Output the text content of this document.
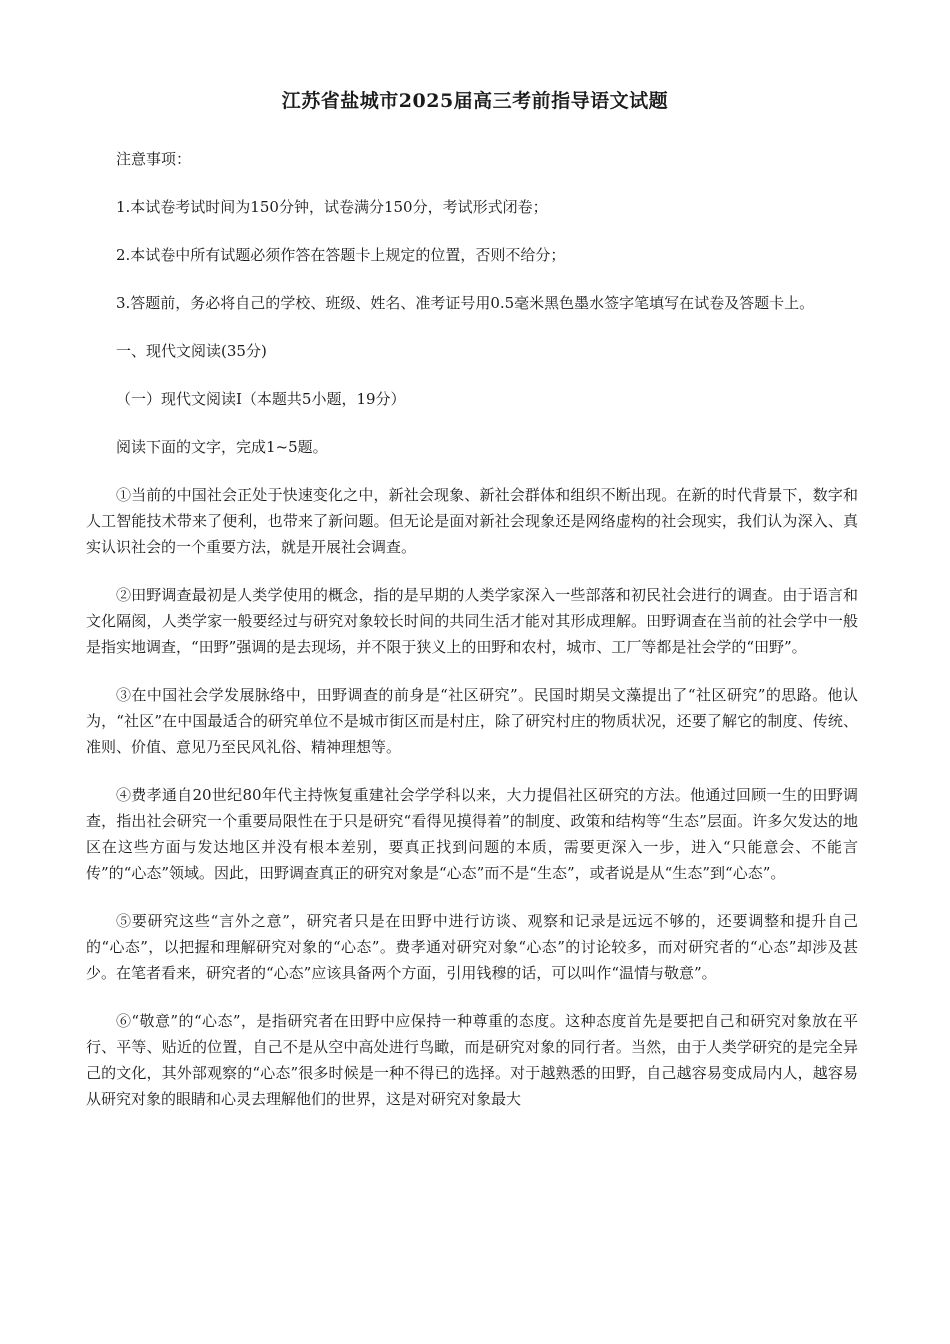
江苏省盐城市2025届高三考前指导语文试题

注意事项：

1.本试卷考试时间为150分钟，试卷满分150分，考试形式闭卷；

2.本试卷中所有试题必须作答在答题卡上规定的位置，否则不给分；

3.答题前，务必将自己的学校、班级、姓名、准考证号用0.5毫米黑色墨水签字笔填写在试卷及答题卡上。

一、现代文阅读(35分)

（一）现代文阅读Ⅰ（本题共5小题，19分）

阅读下面的文字，完成1~5题。

①当前的中国社会正处于快速变化之中，新社会现象、新社会群体和组织不断出现。在新的时代背景下，数字和人工智能技术带来了便利，也带来了新问题。但无论是面对新社会现象还是网络虚构的社会现实，我们认为深入、真实认识社会的一个重要方法，就是开展社会调查。

②田野调查最初是人类学使用的概念，指的是早期的人类学家深入一些部落和初民社会进行的调查。由于语言和文化隔阂，人类学家一般要经过与研究对象较长时间的共同生活才能对其形成理解。田野调查在当前的社会学中一般是指实地调查，“田野”强调的是去现场，并不限于狭义上的田野和农村，城市、工厂等都是社会学的“田野”。

③在中国社会学发展脉络中，田野调查的前身是“社区研究”。民国时期吴文藻提出了“社区研究”的思路。他认为，“社区”在中国最适合的研究单位不是城市街区而是村庄，除了研究村庄的物质状况，还要了解它的制度、传统、准则、价值、意见乃至民风礼俗、精神理想等。

④费孝通自20世纪80年代主持恢复重建社会学学科以来，大力提倡社区研究的方法。他通过回顾一生的田野调查，指出社会研究一个重要局限性在于只是研究“看得见摸得着”的制度、政策和结构等“生态”层面。许多欠发达的地区在这些方面与发达地区并没有根本差别，要真正找到问题的本质，需要更深入一步，进入“只能意会、不能言传”的“心态”领域。因此，田野调查真正的研究对象是“心态”而不是“生态”，或者说是从“生态”到“心态”。

⑤要研究这些“言外之意”，研究者只是在田野中进行访谈、观察和记录是远远不够的，还要调整和提升自己的“心态”，以把握和理解研究对象的“心态”。费孝通对研究对象“心态”的讨论较多，而对研究者的“心态”却涉及甚少。在笔者看来，研究者的“心态”应该具备两个方面，引用钱穆的话，可以叫作“温情与敬意”。

⑥“敬意”的“心态”，是指研究者在田野中应保持一种尊重的态度。这种态度首先是要把自己和研究对象放在平行、平等、贴近的位置，自己不是从空中高处进行鸟瞰，而是研究对象的同行者。当然，由于人类学研究的是完全异己的文化，其外部观察的“心态”很多时候是一种不得已的选择。对于越熟悉的田野，自己越容易变成局内人，越容易从研究对象的眼睛和心灵去理解他们的世界，这是对研究对象最大
